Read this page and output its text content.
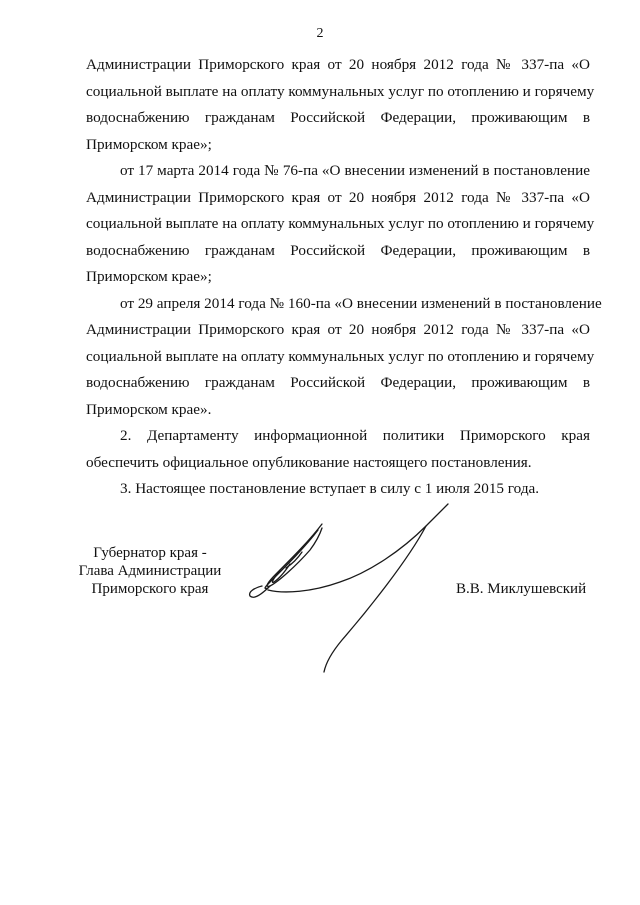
2
Администрации Приморского края от 20 ноября 2012 года № 337-па «О
социальной выплате на оплату коммунальных услуг по отоплению и горячему
водоснабжению гражданам Российской Федерации, проживающим в
Приморском крае»;
от 17 марта 2014 года № 76-па «О внесении изменений в постановление
Администрации Приморского края от 20 ноября 2012 года № 337-па «О
социальной выплате на оплату коммунальных услуг по отоплению и горячему
водоснабжению гражданам Российской Федерации, проживающим в
Приморском крае»;
от 29 апреля 2014 года № 160-па «О внесении изменений в постановление
Администрации Приморского края от 20 ноября 2012 года № 337-па «О
социальной выплате на оплату коммунальных услуг по отоплению и горячему
водоснабжению гражданам Российской Федерации, проживающим в
Приморском крае».
2. Департаменту информационной политики Приморского края
обеспечить официальное опубликование настоящего постановления.
3. Настоящее постановление вступает в силу с 1 июля 2015 года.
Губернатор края -
Глава Администрации
Приморского края	В.В. Миклушевский
